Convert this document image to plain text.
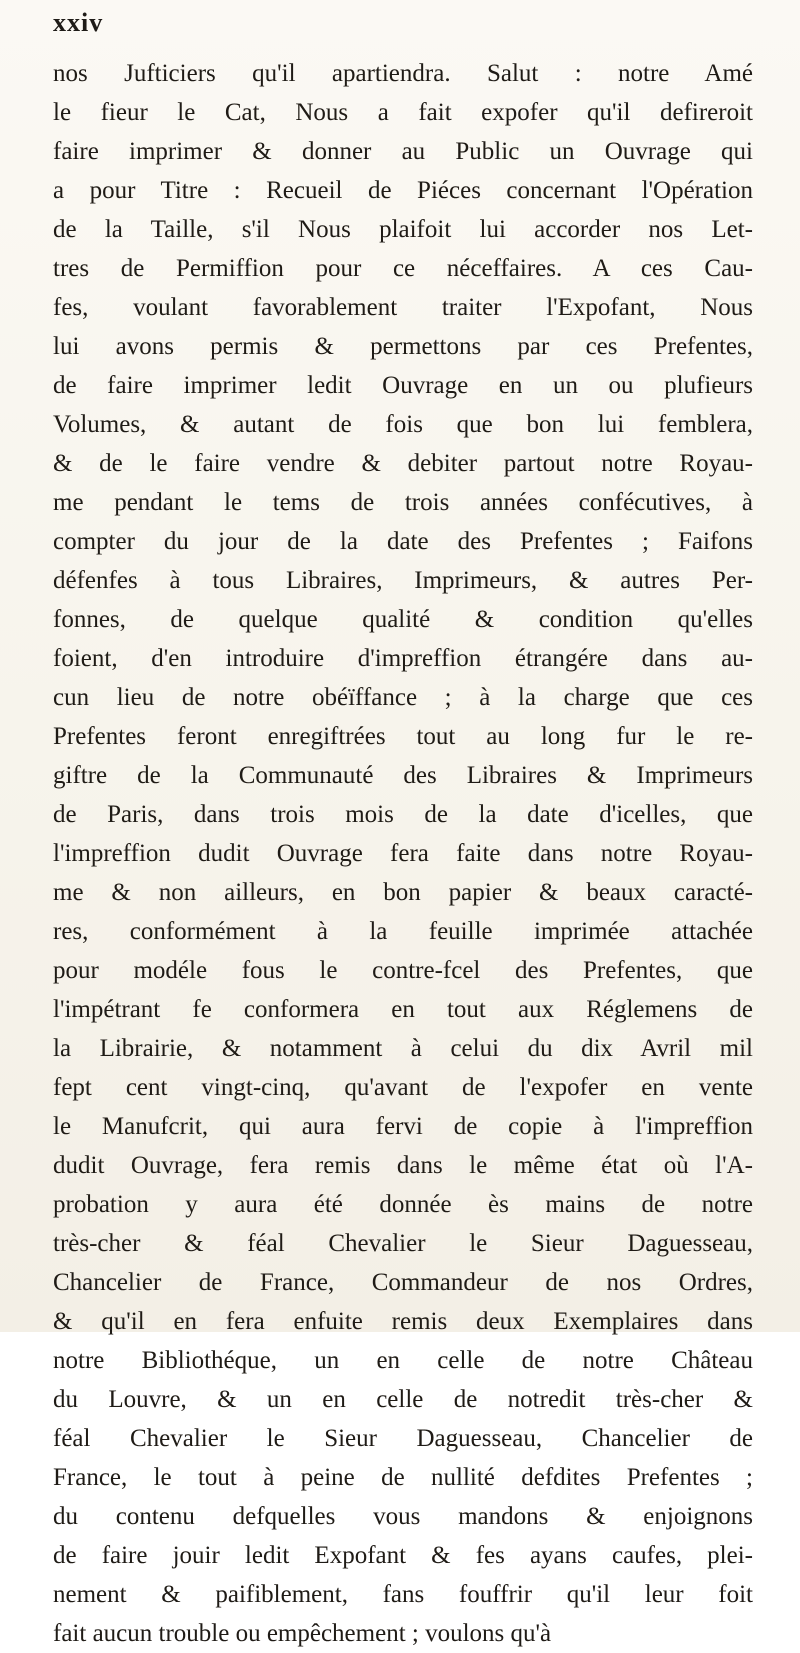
xxiv
nos Jufticiers qu'il apartiendra. Salut : notre Amé
le fieur le Cat, Nous a fait expofer qu'il defireroit
faire imprimer & donner au Public un Ouvrage qui
a pour Titre : Recueil de Piéces concernant l'Opération
de la Taille, s'il Nous plaifoit lui accorder nos Let-
tres de Permiffion pour ce néceffaires. A ces Cau-
fes, voulant favorablement traiter l'Expofant, Nous
lui avons permis & permettons par ces Prefentes,
de faire imprimer ledit Ouvrage en un ou plufieurs
Volumes, & autant de fois que bon lui femblera,
& de le faire vendre & debiter partout notre Royau-
me pendant le tems de trois années confécutives, à
compter du jour de la date des Prefentes ; Faifons
défenfes à tous Libraires, Imprimeurs, & autres Per-
fonnes, de quelque qualité & condition qu'elles
foient, d'en introduire d'impreffion étrangére dans au-
cun lieu de notre obéïffance ; à la charge que ces
Prefentes feront enregiftrées tout au long fur le re-
giftre de la Communauté des Libraires & Imprimeurs
de Paris, dans trois mois de la date d'icelles, que
l'impreffion dudit Ouvrage fera faite dans notre Royau-
me & non ailleurs, en bon papier & beaux caracté-
res, conformément à la feuille imprimée attachée
pour modéle fous le contre-fcel des Prefentes, que
l'impétrant fe conformera en tout aux Réglemens de
la Librairie, & notamment à celui du dix Avril mil
fept cent vingt-cinq, qu'avant de l'expofer en vente
le Manufcrit, qui aura fervi de copie à l'impreffion
dudit Ouvrage, fera remis dans le même état où l'A-
probation y aura été donnée ès mains de notre
très-cher & féal Chevalier le Sieur Daguesseau,
Chancelier de France, Commandeur de nos Ordres,
& qu'il en fera enfuite remis deux Exemplaires dans
notre Bibliothéque, un en celle de notre Château
du Louvre, & un en celle de notredit très-cher &
féal Chevalier le Sieur Daguesseau, Chancelier de
France, le tout à peine de nullité defdites Prefentes ;
du contenu defquelles vous mandons & enjoignons
de faire jouir ledit Expofant & fes ayans caufes, plei-
nement & paifiblement, fans fouffrir qu'il leur foit
fait aucun trouble ou empêchement ; voulons qu'à
